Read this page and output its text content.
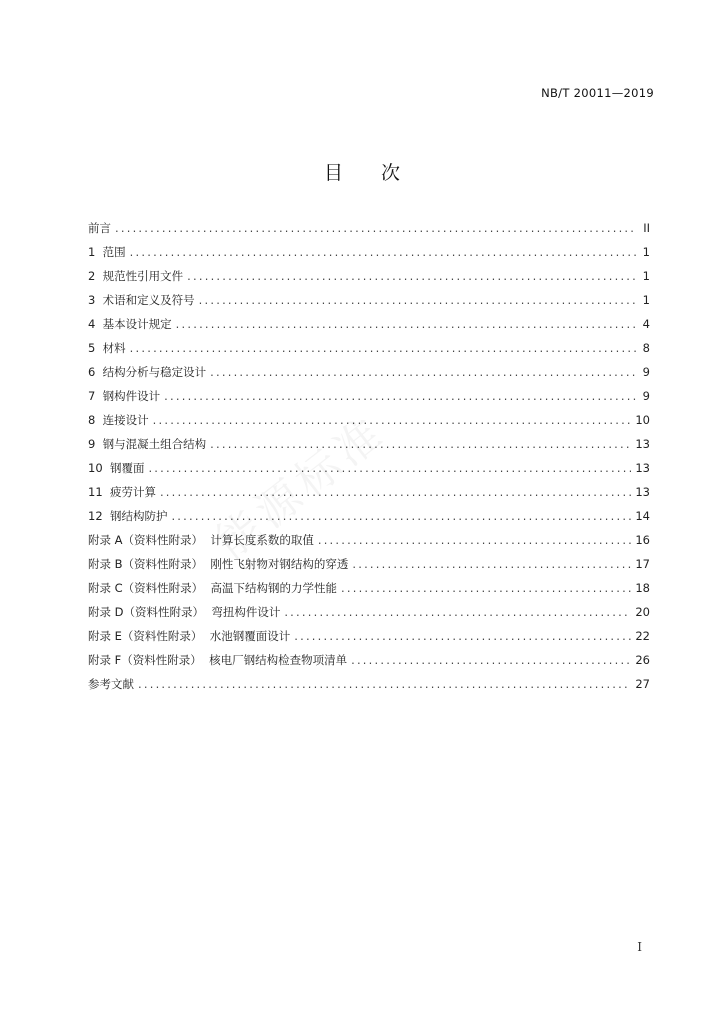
NB/T 20011—2019
目 次
前言 .....	II
1  范围 .....	1
2  规范性引用文件 .....	1
3  术语和定义及符号 .....	1
4  基本设计规定 .....	4
5  材料 .....	8
6  结构分析与稳定设计 .....	9
7  钢构件设计 .....	9
8  连接设计 .....	10
9  钢与混凝土组合结构 .....	13
10  钢覆面 .....	13
11  疲劳计算 .....	13
12  钢结构防护 .....	14
附录 A（资料性附录）  计算长度系数的取值 .....	16
附录 B（资料性附录）  刚性飞射物对钢结构的穿透 .....	17
附录 C（资料性附录）  高温下结构钢的力学性能 .....	18
附录 D（资料性附录）  弯扭构件设计 .....	20
附录 E（资料性附录）  水池钢覆面设计 .....	22
附录 F（资料性附录）  核电厂钢结构检查物项清单 .....	26
参考文献 .....	27
I
